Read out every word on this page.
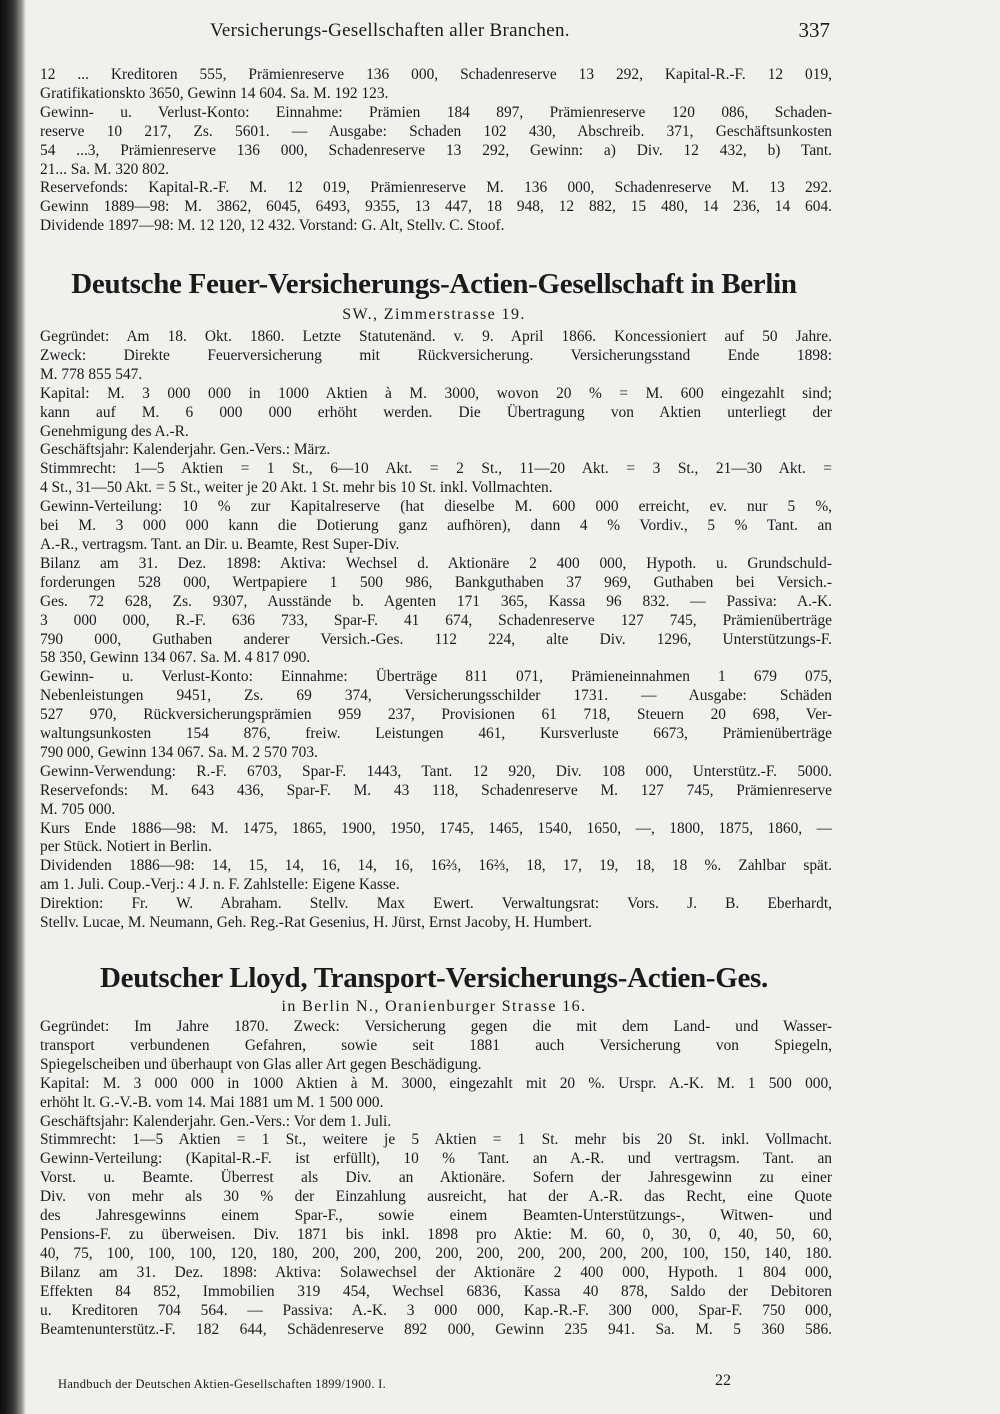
Versicherungs-Gesellschaften aller Branchen.	337
12 ... Kreditoren 555, Prämienreserve 136 000, Schadenreserve 13 292, Kapital-R.-F. 12 019,
Gratifikationskto 3650, Gewinn 14 604. Sa. M. 192 123.
Gewinn- u. Verlust-Konto: Einnahme: Prämien 184 897, Prämienreserve 120 086, Schaden-
reserve 10 217, Zs. 5601. — Ausgabe: Schaden 102 430, Abschreib. 371, Geschäftsunkosten
54 ...3, Prämienreserve 136 000, Schadenreserve 13 292, Gewinn: a) Div. 12 432, b) Tant.
21... Sa. M. 320 802.
Reservefonds: Kapital-R.-F. M. 12 019, Prämienreserve M. 136 000, Schadenreserve M. 13 292.
Gewinn 1889—98: M. 3862, 6045, 6493, 9355, 13 447, 18 948, 12 882, 15 480, 14 236, 14 604.
Dividende 1897—98: M. 12 120, 12 432. Vorstand: G. Alt, Stellv. C. Stoof.
Deutsche Feuer-Versicherungs-Actien-Gesellschaft in Berlin
SW., Zimmerstrasse 19.
Gegründet: Am 18. Okt. 1860. Letzte Statutenänd. v. 9. April 1866. Koncessioniert auf 50 Jahre.
Zweck: Direkte Feuerversicherung mit Rückversicherung. Versicherungsstand Ende 1898:
M. 778 855 547.
Kapital: M. 3 000 000 in 1000 Aktien à M. 3000, wovon 20 % = M. 600 eingezahlt sind;
kann auf M. 6 000 000 erhöht werden. Die Übertragung von Aktien unterliegt der
Genehmigung des A.-R.
Geschäftsjahr: Kalenderjahr. Gen.-Vers.: März.
Stimmrecht: 1—5 Aktien = 1 St., 6—10 Akt. = 2 St., 11—20 Akt. = 3 St., 21—30 Akt. =
4 St., 31—50 Akt. = 5 St., weiter je 20 Akt. 1 St. mehr bis 10 St. inkl. Vollmachten.
Gewinn-Verteilung: 10 % zur Kapitalreserve (hat dieselbe M. 600 000 erreicht, ev. nur 5 %,
bei M. 3 000 000 kann die Dotierung ganz aufhören), dann 4 % Vordiv., 5 % Tant. an
A.-R., vertragsm. Tant. an Dir. u. Beamte, Rest Super-Div.
Bilanz am 31. Dez. 1898: Aktiva: Wechsel d. Aktionäre 2 400 000, Hypoth. u. Grundschuld-
forderungen 528 000, Wertpapiere 1 500 986, Bankguthaben 37 969, Guthaben bei Versich.-
Ges. 72 628, Zs. 9307, Ausstände b. Agenten 171 365, Kassa 96 832. — Passiva: A.-K.
3 000 000, R.-F. 636 733, Spar-F. 41 674, Schadenreserve 127 745, Prämienüberträge
790 000, Guthaben anderer Versich.-Ges. 112 224, alte Div. 1296, Unterstützungs-F.
58 350, Gewinn 134 067. Sa. M. 4 817 090.
Gewinn- u. Verlust-Konto: Einnahme: Überträge 811 071, Prämieneinnahmen 1 679 075,
Nebenleistungen 9451, Zs. 69 374, Versicherungsschilder 1731. — Ausgabe: Schäden
527 970, Rückversicherungsprämien 959 237, Provisionen 61 718, Steuern 20 698, Ver-
waltungsunkosten 154 876, freiw. Leistungen 461, Kursverluste 6673, Prämienüberträge
790 000, Gewinn 134 067. Sa. M. 2 570 703.
Gewinn-Verwendung: R.-F. 6703, Spar-F. 1443, Tant. 12 920, Div. 108 000, Unterstütz.-F. 5000.
Reservefonds: M. 643 436, Spar-F. M. 43 118, Schadenreserve M. 127 745, Prämienreserve
M. 705 000.
Kurs Ende 1886—98: M. 1475, 1865, 1900, 1950, 1745, 1465, 1540, 1650, —, 1800, 1875, 1860, —
per Stück. Notiert in Berlin.
Dividenden 1886—98: 14, 15, 14, 16, 14, 16, 16⅔, 16⅔, 18, 17, 19, 18, 18 %. Zahlbar spät.
am 1. Juli. Coup.-Verj.: 4 J. n. F. Zahlstelle: Eigene Kasse.
Direktion: Fr. W. Abraham. Stellv. Max Ewert. Verwaltungsrat: Vors. J. B. Eberhardt,
Stellv. Lucae, M. Neumann, Geh. Reg.-Rat Gesenius, H. Jürst, Ernst Jacoby, H. Humbert.
Deutscher Lloyd, Transport-Versicherungs-Actien-Ges.
in Berlin N., Oranienburger Strasse 16.
Gegründet: Im Jahre 1870. Zweck: Versicherung gegen die mit dem Land- und Wasser-
transport verbundenen Gefahren, sowie seit 1881 auch Versicherung von Spiegeln,
Spiegelscheiben und überhaupt von Glas aller Art gegen Beschädigung.
Kapital: M. 3 000 000 in 1000 Aktien à M. 3000, eingezahlt mit 20 %. Urspr. A.-K. M. 1 500 000,
erhöht lt. G.-V.-B. vom 14. Mai 1881 um M. 1 500 000.
Geschäftsjahr: Kalenderjahr. Gen.-Vers.: Vor dem 1. Juli.
Stimmrecht: 1—5 Aktien = 1 St., weitere je 5 Aktien = 1 St. mehr bis 20 St. inkl. Vollmacht.
Gewinn-Verteilung: (Kapital-R.-F. ist erfüllt), 10 % Tant. an A.-R. und vertragsm. Tant. an
Vorst. u. Beamte. Überrest als Div. an Aktionäre. Sofern der Jahresgewinn zu einer
Div. von mehr als 30 % der Einzahlung ausreicht, hat der A.-R. das Recht, eine Quote
des Jahresgewinns einem Spar-F., sowie einem Beamten-Unterstützungs-, Witwen- und
Pensions-F. zu überweisen. Div. 1871 bis inkl. 1898 pro Aktie: M. 60, 0, 30, 0, 40, 50, 60,
40, 75, 100, 100, 100, 120, 180, 200, 200, 200, 200, 200, 200, 200, 200, 200, 100, 150, 140, 180.
Bilanz am 31. Dez. 1898: Aktiva: Solawechsel der Aktionäre 2 400 000, Hypoth. 1 804 000,
Effekten 84 852, Immobilien 319 454, Wechsel 6836, Kassa 40 878, Saldo der Debitoren
u. Kreditoren 704 564. — Passiva: A.-K. 3 000 000, Kap.-R.-F. 300 000, Spar-F. 750 000,
Beamtenunterstütz.-F. 182 644, Schädenreserve 892 000, Gewinn 235 941. Sa. M. 5 360 586.
Handbuch der Deutschen Aktien-Gesellschaften 1899/1900. I.	22
